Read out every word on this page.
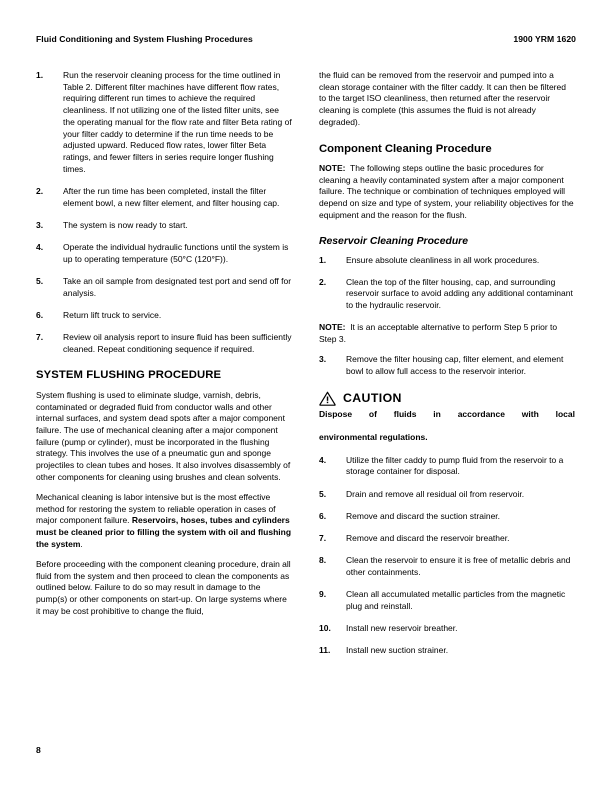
Fluid Conditioning and System Flushing Procedures	1900 YRM 1620
1.	Run the reservoir cleaning process for the time outlined in Table 2. Different filter machines have different flow rates, requiring different run times to achieve the required cleanliness. If not utilizing one of the listed filter units, see the operating manual for the flow rate and filter Beta rating of your filter caddy to determine if the run time needs to be adjusted upward. Reduced flow rates, lower filter Beta ratings, and fewer filters in series require longer flushing times.
2.	After the run time has been completed, install the filter element bowl, a new filter element, and filter housing cap.
3.	The system is now ready to start.
4.	Operate the individual hydraulic functions until the system is up to operating temperature (50°C (120°F)).
5.	Take an oil sample from designated test port and send off for analysis.
6.	Return lift truck to service.
7.	Review oil analysis report to insure fluid has been sufficiently cleaned. Repeat conditioning sequence if required.
SYSTEM FLUSHING PROCEDURE

System flushing is used to eliminate sludge, varnish, debris, contaminated or degraded fluid from conductor walls and other internal surfaces, and system dead spots after a major component failure. The use of mechanical cleaning after a major component failure (pump or cylinder), must be incorporated in the flushing strategy. This involves the use of a pneumatic gun and sponge projectiles to clean tubes and hoses. It also involves disassembly of other components for cleaning using brushes and clean solvents.

Mechanical cleaning is labor intensive but is the most effective method for restoring the system to reliable operation in cases of major component failure. Reservoirs, hoses, tubes and cylinders must be cleaned prior to filling the system with oil and flushing the system.

Before proceeding with the component cleaning procedure, drain all fluid from the system and then proceed to clean the components as outlined below. Failure to do so may result in damage to the pump(s) or other components on start-up. On large systems where it may be cost prohibitive to change the fluid,

the fluid can be removed from the reservoir and pumped into a clean storage container with the filter caddy. It can then be filtered to the target ISO cleanliness, then returned after the reservoir cleaning is complete (this assumes the fluid is not already degraded).

Component Cleaning Procedure

NOTE: The following steps outline the basic procedures for cleaning a heavily contaminated system after a major component failure. The technique or combination of techniques employed will depend on size and type of system, your reliability objectives for the equipment and the reason for the flush.

Reservoir Cleaning Procedure
1.	Ensure absolute cleanliness in all work procedures.
2.	Clean the top of the filter housing, cap, and surrounding reservoir surface to avoid adding any additional contaminant to the hydraulic reservoir.

NOTE: It is an acceptable alternative to perform Step 5 prior to Step 3.

3.	Remove the filter housing cap, filter element, and element bowl to allow full access to the reservoir interior.
CAUTION
Dispose of fluids in accordance with local
environmental regulations.
4.	Utilize the filter caddy to pump fluid from the reservoir to a storage container for disposal.
5.	Drain and remove all residual oil from reservoir.
6.	Remove and discard the suction strainer.
7.	Remove and discard the reservoir breather.
8.	Clean the reservoir to ensure it is free of metallic debris and other containments.
9.	Clean all accumulated metallic particles from the magnetic plug and reinstall.
10.	Install new reservoir breather.
11.	Install new suction strainer.
8
